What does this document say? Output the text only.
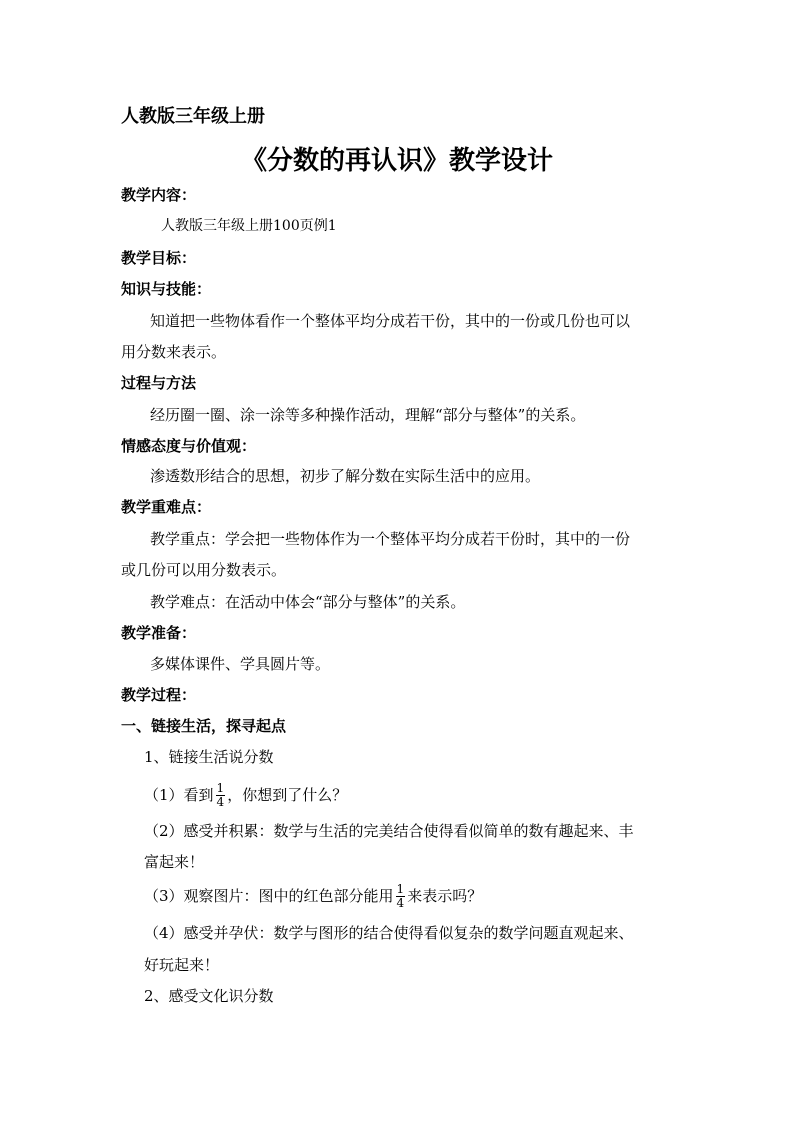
人教版三年级上册
《分数的再认识》教学设计
教学内容：
人教版三年级上册100页例1
教学目标：
知识与技能：
知道把一些物体看作一个整体平均分成若干份，其中的一份或几份也可以
用分数来表示。
过程与方法
经历圈一圈、涂一涂等多种操作活动，理解“部分与整体”的关系。
情感态度与价值观：
渗透数形结合的思想，初步了解分数在实际生活中的应用。
教学重难点：
教学重点：学会把一些物体作为一个整体平均分成若干份时，其中的一份
或几份可以用分数表示。
教学难点：在活动中体会“部分与整体”的关系。
教学准备：
多媒体课件、学具圆片等。
教学过程：
一、链接生活，探寻起点
1、链接生活说分数
（1）看到 $\frac{1}{4}$ ，你想到了什么？
（2）感受并积累：数学与生活的完美结合使得看似简单的数有趣起来、丰
富起来！
（3）观察图片：图中的红色部分能用 $\frac{1}{4}$ 来表示吗？
（4）感受并孕伏：数学与图形的结合使得看似复杂的数学问题直观起来、
好玩起来！
2、感受文化识分数
